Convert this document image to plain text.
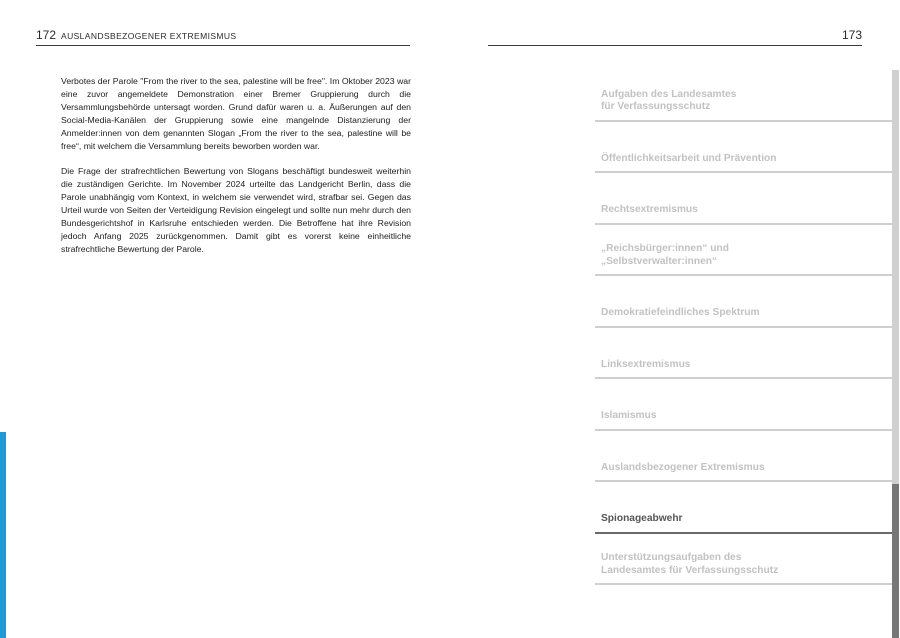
172 AUSLANDSBEZOGENER EXTREMISMUS

Verbotes der Parole "From the river to the sea, palestine will be free". Im Oktober 2023 war eine zuvor angemeldete Demonstration einer Bremer Gruppierung durch die Versammlungsbehörde untersagt worden. Grund dafür waren u. a. Äußerungen auf den Social-Media-Kanälen der Gruppierung sowie eine mangelnde Distanzierung der Anmelder:innen von dem genannten Slogan „From the river to the sea, palestine will be free“, mit welchem die Versammlung bereits beworben worden war.

Die Frage der strafrechtlichen Bewertung von Slogans beschäftigt bundesweit weiterhin die zuständigen Gerichte. Im November 2024 urteilte das Landgericht Berlin, dass die Parole unabhängig vom Kontext, in welchem sie verwendet wird, strafbar sei. Gegen das Urteil wurde von Seiten der Verteidigung Revision eingelegt und sollte nun mehr durch den Bundesgerichtshof in Karlsruhe entschieden werden. Die Betroffene hat ihre Revision jedoch Anfang 2025 zurückgenommen. Damit gibt es vorerst keine einheitliche strafrechtliche Bewertung der Parole.

173
Aufgaben des Landesamtes
für Verfassungsschutz
Öffentlichkeitsarbeit und Prävention
Rechtsextremismus
„Reichsbürger:innen“ und
„Selbstverwalter:innen“
Demokratiefeindliches Spektrum
Linksextremismus
Islamismus
Auslandsbezogener Extremismus
Spionageabwehr
Unterstützungsaufgaben des
Landesamtes für Verfassungsschutz
